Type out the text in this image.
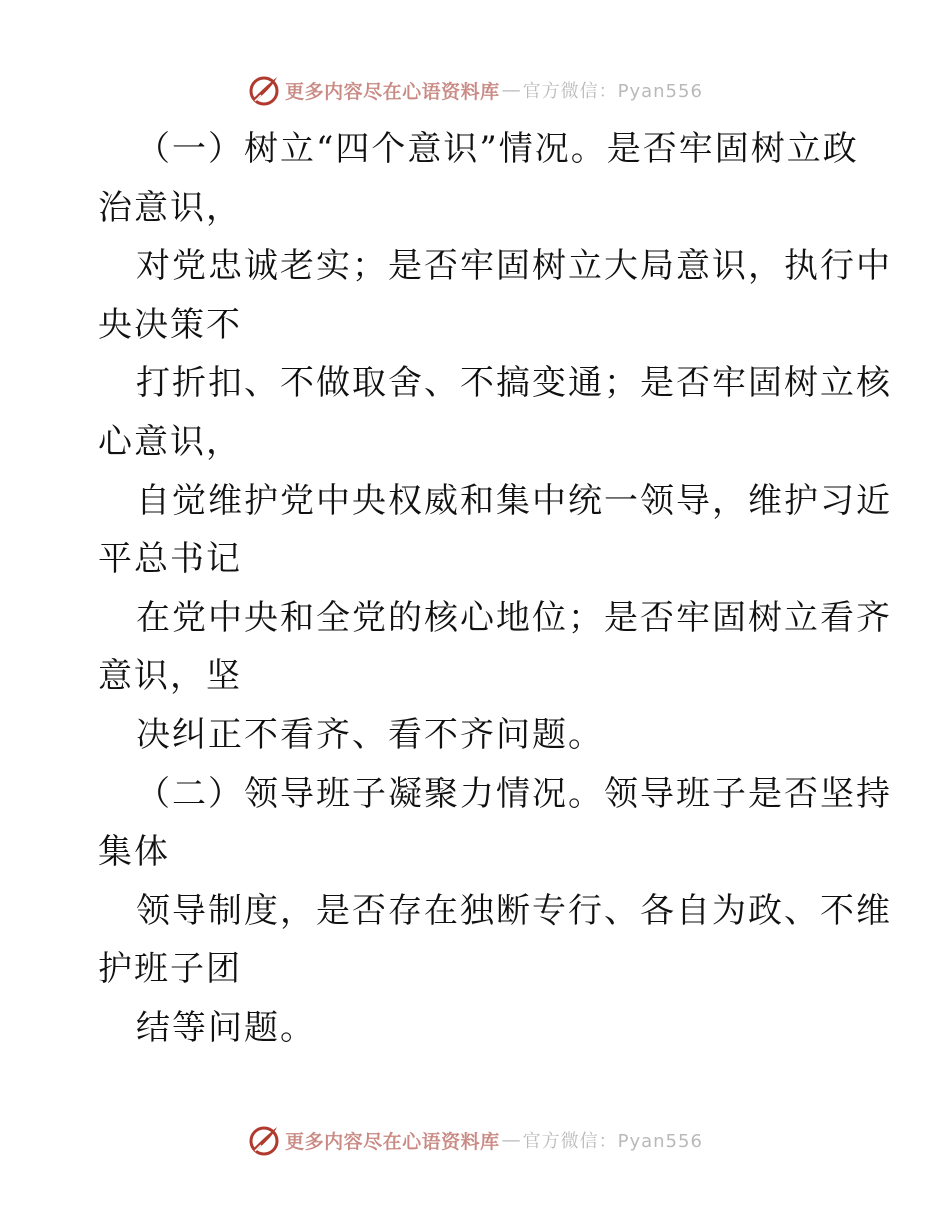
更多内容尽在心语资料库 — 官方微信：Pyan556
（一）树立“四个意识”情况。是否牢固树立政
治意识，
对党忠诚老实；是否牢固树立大局意识，执行中
央决策不
打折扣、不做取舍、不搞变通；是否牢固树立核
心意识，
自觉维护党中央权威和集中统一领导，维护习近
平总书记
在党中央和全党的核心地位；是否牢固树立看齐
意识，坚
决纠正不看齐、看不齐问题。
（二）领导班子凝聚力情况。领导班子是否坚持
集体
领导制度，是否存在独断专行、各自为政、不维
护班子团
结等问题。
更多内容尽在心语资料库 — 官方微信：Pyan556
